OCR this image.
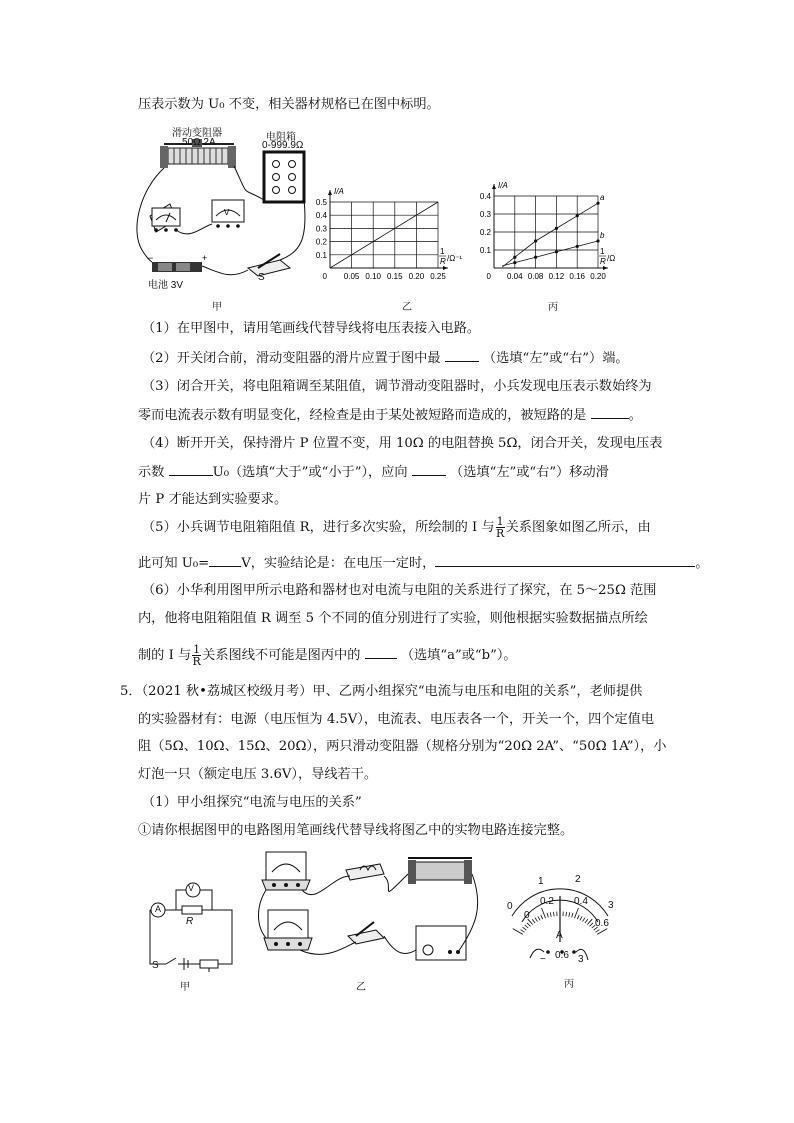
压表示数为 U₀ 不变，相关器材规格已在图中标明。
V
−	+
滑动变阻器
50Ω 2A	电阻箱
0-999.9Ω
电池 3V
S
甲
0.05 0.10 0.15 0.20 0.25
0.1
0.2
0.3
0.4
0.5
0
I/A
1
R /Ω⁻¹
乙
0.04 0.08 0.12 0.16 0.20
0.1
0.2
0.3
0.4
0
I/A
1
R /Ω
a
b
丙
（1）在甲图中，请用笔画线代替导线将电压表接入电路。
（2）开关闭合前，滑动变阻器的滑片应置于图中最	（选填“左”或“右”）端。
（3）闭合开关，将电阻箱调至某阻值，调节滑动变阻器时，小兵发现电压表示数始终为
零而电流表示数有明显变化，经检查是由于某处被短路而造成的，被短路的是	。
（4）断开开关，保持滑片 P 位置不变，用 10Ω 的电阻替换 5Ω，闭合开关，发现电压表
示数	U₀（选填“大于”或“小于”），应向	（选填“左”或“右”）移动滑
片 P 才能达到实验要求。
（5）小兵调节电阻箱阻值 R，进行多次实验，所绘制的 I 与 $\frac{1}{R}$ 关系图象如图乙所示，由
此可知 U₀= V，实验结论是：在电压一定时，	。
（6）小华利用图甲所示电路和器材也对电流与电阻的关系进行了探究，在 5～25Ω 范围
内，他将电阻箱阻值 R 调至 5 个不同的值分别进行了实验，则他根据实验数据描点所绘
制的 I 与 $\frac{1}{R}$ 关系图线不可能是图丙中的	（选填“a”或“b”）。
5．（2021 秋•荔城区校级月考）甲、乙两小组探究“电流与电压和电阻的关系”，老师提供
的实验器材有：电源（电压恒为 4.5V），电流表、电压表各一个，开关一个，四个定值电
阻（5Ω、10Ω、15Ω、20Ω），两只滑动变阻器（规格分别为“20Ω 2A”、“50Ω 1A”），小
灯泡一只（额定电压 3.6V），导线若干。
（1）甲小组探究“电流与电压的关系”
①请你根据图甲的电路图用笔画线代替导线将图乙中的实物电路连接完整。
V
A
R
S
甲	乙
0
1	2
3
0
0.2 0.4
0.6
A
− 0.6 3
丙
